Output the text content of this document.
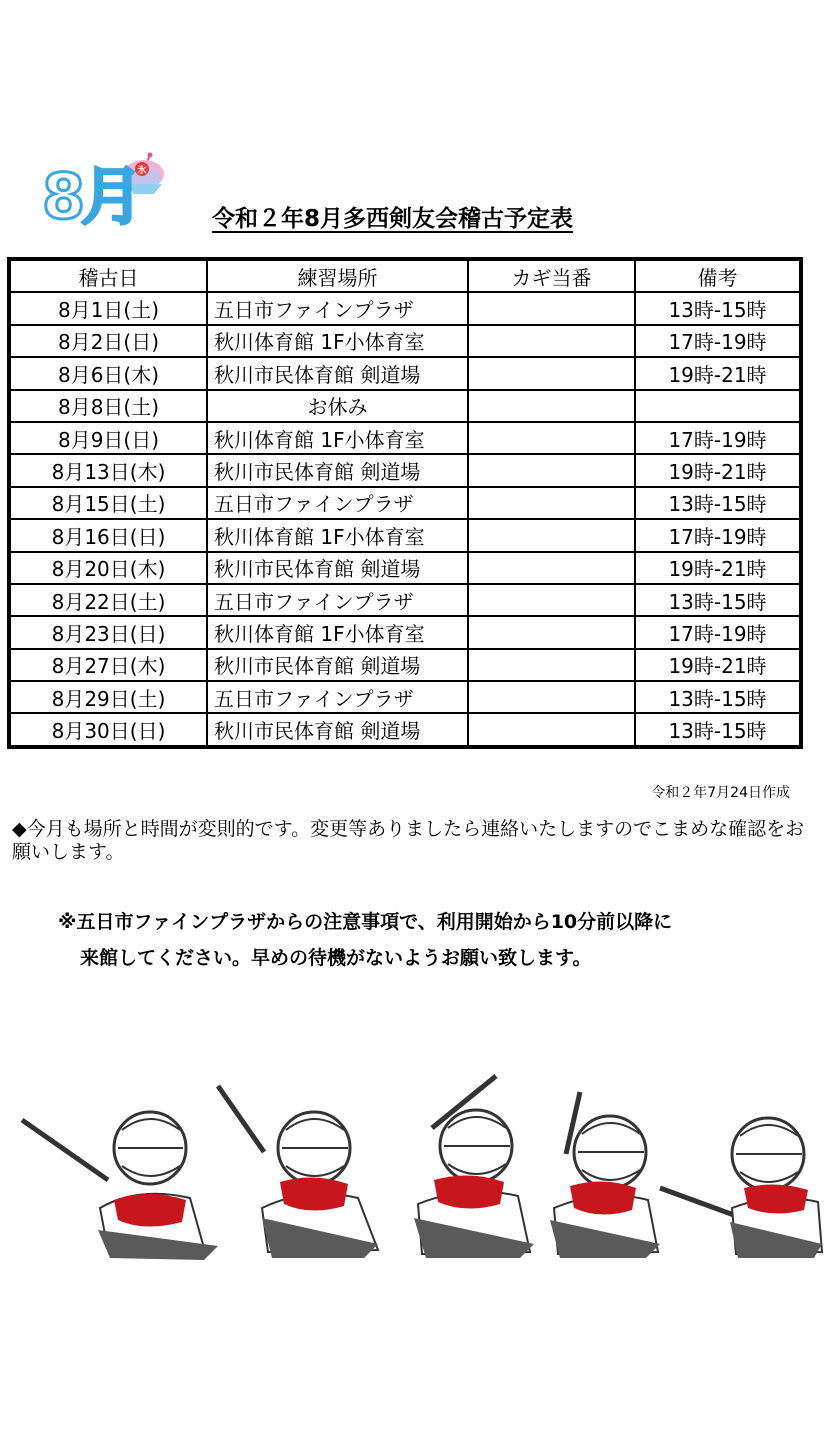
氷
8月	令和２年8月多西剣友会稽古予定表
稽古日	練習場所	カギ当番	備考
8月1日(土)	五日市ファインプラザ		13時-15時
8月2日(日)	秋川体育館 1F小体育室		17時-19時
8月6日(木)	秋川市民体育館 剣道場		19時-21時
8月8日(土)	お休み		
8月9日(日)	秋川体育館 1F小体育室		17時-19時
8月13日(木)	秋川市民体育館 剣道場		19時-21時
8月15日(土)	五日市ファインプラザ		13時-15時
8月16日(日)	秋川体育館 1F小体育室		17時-19時
8月20日(木)	秋川市民体育館 剣道場		19時-21時
8月22日(土)	五日市ファインプラザ		13時-15時
8月23日(日)	秋川体育館 1F小体育室		17時-19時
8月27日(木)	秋川市民体育館 剣道場		19時-21時
8月29日(土)	五日市ファインプラザ		13時-15時
8月30日(日)	秋川市民体育館 剣道場		13時-15時
令和２年7月24日作成
◆今月も場所と時間が変則的です。変更等ありましたら連絡いたしますのでこまめな確認をお願いします。
※五日市ファインプラザからの注意事項で、利用開始から10分前以降に
来館してください。早めの待機がないようお願い致します。
